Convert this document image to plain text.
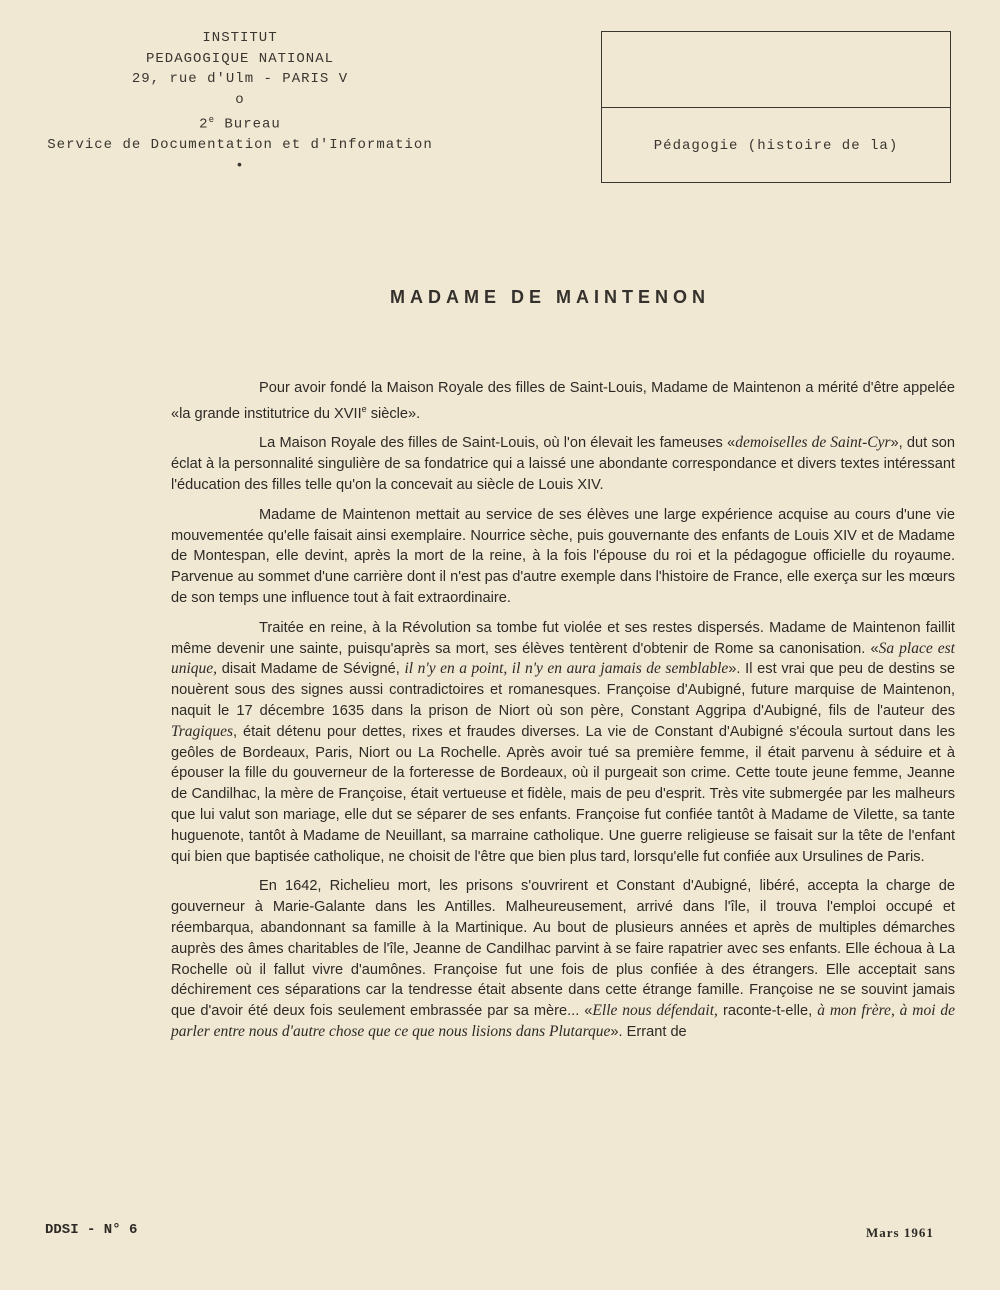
INSTITUT
PEDAGOGIQUE NATIONAL
29, rue d'Ulm - PARIS V
o
2e Bureau
Service de Documentation et d'Information
•
Pédagogie (histoire de la)
MADAME DE MAINTENON

Pour avoir fondé la Maison Royale des filles de Saint-Louis, Madame de Maintenon a mérité d'être appelée «la grande institutrice du XVIIe siècle».

La Maison Royale des filles de Saint-Louis, où l'on élevait les fameuses «demoiselles de Saint-Cyr», dut son éclat à la personnalité singulière de sa fondatrice qui a laissé une abondante correspondance et divers textes intéressant l'éducation des filles telle qu'on la concevait au siècle de Louis XIV.

Madame de Maintenon mettait au service de ses élèves une large expérience acquise au cours d'une vie mouvementée qu'elle faisait ainsi exemplaire. Nourrice sèche, puis gouvernante des enfants de Louis XIV et de Madame de Montespan, elle devint, après la mort de la reine, à la fois l'épouse du roi et la pédagogue officielle du royaume. Parvenue au sommet d'une carrière dont il n'est pas d'autre exemple dans l'histoire de France, elle exerça sur les mœurs de son temps une influence tout à fait extraordinaire.

Traitée en reine, à la Révolution sa tombe fut violée et ses restes dispersés. Madame de Maintenon faillit même devenir une sainte, puisqu'après sa mort, ses élèves tentèrent d'obtenir de Rome sa canonisation. «Sa place est unique, disait Madame de Sévigné, il n'y en a point, il n'y en aura jamais de semblable». Il est vrai que peu de destins se nouèrent sous des signes aussi contradictoires et romanesques. Françoise d'Aubigné, future marquise de Maintenon, naquit le 17 décembre 1635 dans la prison de Niort où son père, Constant Aggripa d'Aubigné, fils de l'auteur des Tragiques, était détenu pour dettes, rixes et fraudes diverses. La vie de Constant d'Aubigné s'écoula surtout dans les geôles de Bordeaux, Paris, Niort ou La Rochelle. Après avoir tué sa première femme, il était parvenu à séduire et à épouser la fille du gouverneur de la forteresse de Bordeaux, où il purgeait son crime. Cette toute jeune femme, Jeanne de Candilhac, la mère de Françoise, était vertueuse et fidèle, mais de peu d'esprit. Très vite submergée par les malheurs que lui valut son mariage, elle dut se séparer de ses enfants. Françoise fut confiée tantôt à Madame de Vilette, sa tante huguenote, tantôt à Madame de Neuillant, sa marraine catholique. Une guerre religieuse se faisait sur la tête de l'enfant qui bien que baptisée catholique, ne choisit de l'être que bien plus tard, lorsqu'elle fut confiée aux Ursulines de Paris.

En 1642, Richelieu mort, les prisons s'ouvrirent et Constant d'Aubigné, libéré, accepta la charge de gouverneur à Marie-Galante dans les Antilles. Malheureusement, arrivé dans l'île, il trouva l'emploi occupé et réembarqua, abandonnant sa famille à la Martinique. Au bout de plusieurs années et après de multiples démarches auprès des âmes charitables de l'île, Jeanne de Candilhac parvint à se faire rapatrier avec ses enfants. Elle échoua à La Rochelle où il fallut vivre d'aumônes. Françoise fut une fois de plus confiée à des étrangers. Elle acceptait sans déchirement ces séparations car la tendresse était absente dans cette étrange famille. Françoise ne se souvint jamais que d'avoir été deux fois seulement embrassée par sa mère... «Elle nous défendait, raconte-t-elle, à mon frère, à moi de parler entre nous d'autre chose que ce que nous lisions dans Plutarque». Errant de

DDSI - N° 6	Mars 1961
